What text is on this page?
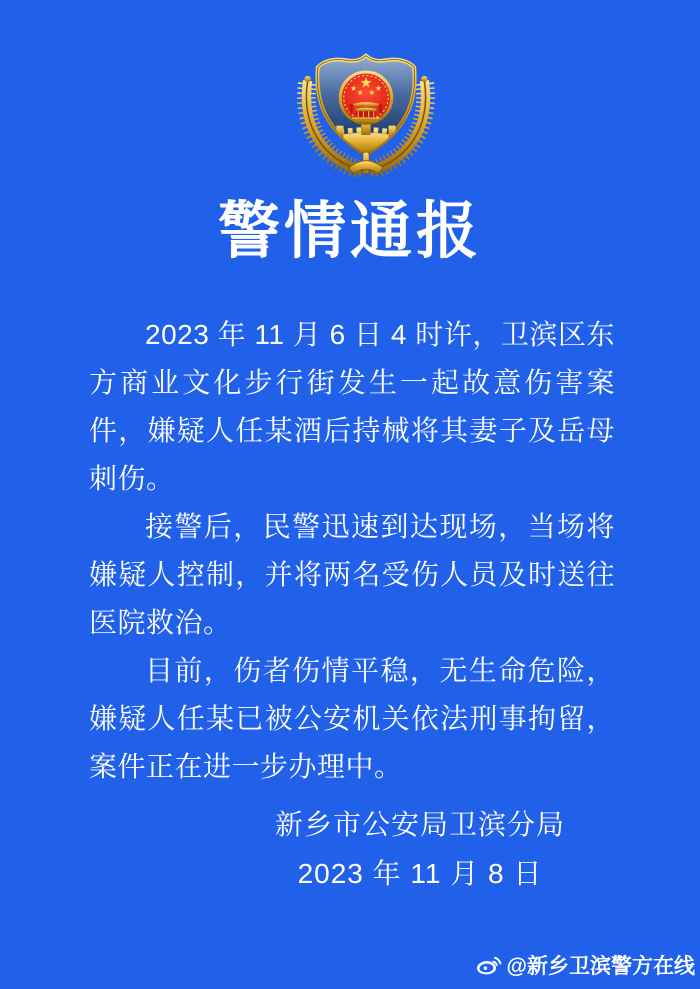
警情通报

2023 年 11 月 6 日 4 时许，卫滨区东方商业文化步行街发生一起故意伤害案件，嫌疑人任某酒后持械将其妻子及岳母刺伤。

接警后，民警迅速到达现场，当场将嫌疑人控制，并将两名受伤人员及时送往医院救治。

目前，伤者伤情平稳，无生命危险，嫌疑人任某已被公安机关依法刑事拘留，案件正在进一步办理中。

新乡市公安局卫滨分局
2023 年 11 月 8 日
@新乡卫滨警方在线
